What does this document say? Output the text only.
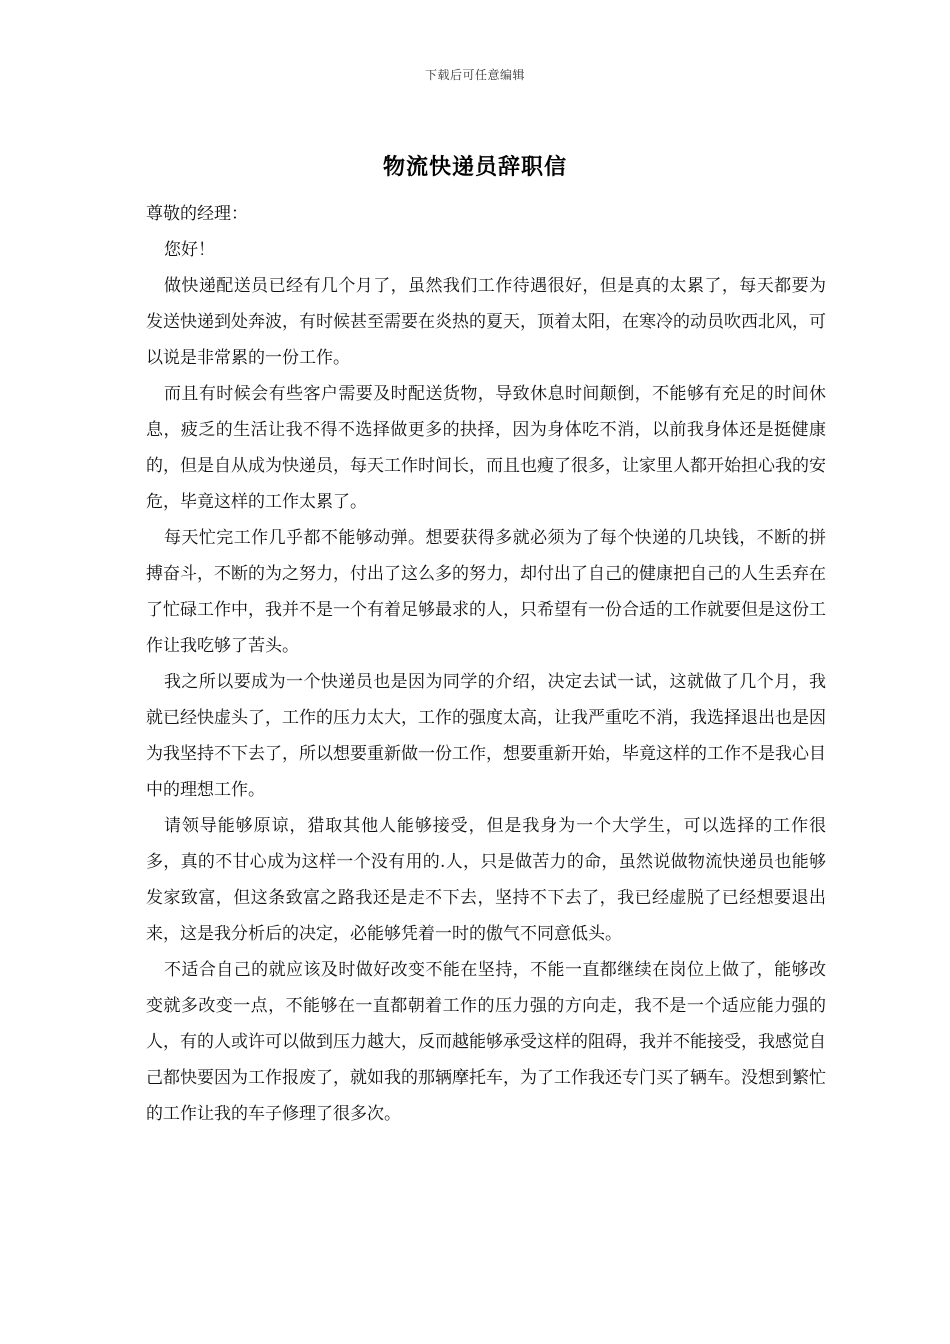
下载后可任意编辑
物流快递员辞职信

尊敬的经理：

您好！

做快递配送员已经有几个月了，虽然我们工作待遇很好，但是真的太累了，每天都要为发送快递到处奔波，有时候甚至需要在炎热的夏天，顶着太阳，在寒冷的动员吹西北风，可以说是非常累的一份工作。

而且有时候会有些客户需要及时配送货物，导致休息时间颠倒，不能够有充足的时间休息，疲乏的生活让我不得不选择做更多的抉择，因为身体吃不消，以前我身体还是挺健康的，但是自从成为快递员，每天工作时间长，而且也瘦了很多，让家里人都开始担心我的安危，毕竟这样的工作太累了。

每天忙完工作几乎都不能够动弹。想要获得多就必须为了每个快递的几块钱，不断的拼搏奋斗，不断的为之努力，付出了这么多的努力，却付出了自己的健康把自己的人生丢弃在了忙碌工作中，我并不是一个有着足够最求的人，只希望有一份合适的工作就要但是这份工作让我吃够了苦头。

我之所以要成为一个快递员也是因为同学的介绍，决定去试一试，这就做了几个月，我就已经快虚头了，工作的压力太大，工作的强度太高，让我严重吃不消，我选择退出也是因为我坚持不下去了，所以想要重新做一份工作，想要重新开始，毕竟这样的工作不是我心目中的理想工作。

请领导能够原谅，猎取其他人能够接受，但是我身为一个大学生，可以选择的工作很多，真的不甘心成为这样一个没有用的.人，只是做苦力的命，虽然说做物流快递员也能够发家致富，但这条致富之路我还是走不下去，坚持不下去了，我已经虚脱了已经想要退出来，这是我分析后的决定，必能够凭着一时的傲气不同意低头。

不适合自己的就应该及时做好改变不能在坚持，不能一直都继续在岗位上做了，能够改变就多改变一点，不能够在一直都朝着工作的压力强的方向走，我不是一个适应能力强的人，有的人或许可以做到压力越大，反而越能够承受这样的阻碍，我并不能接受，我感觉自己都快要因为工作报废了，就如我的那辆摩托车，为了工作我还专门买了辆车。没想到繁忙的工作让我的车子修理了很多次。
